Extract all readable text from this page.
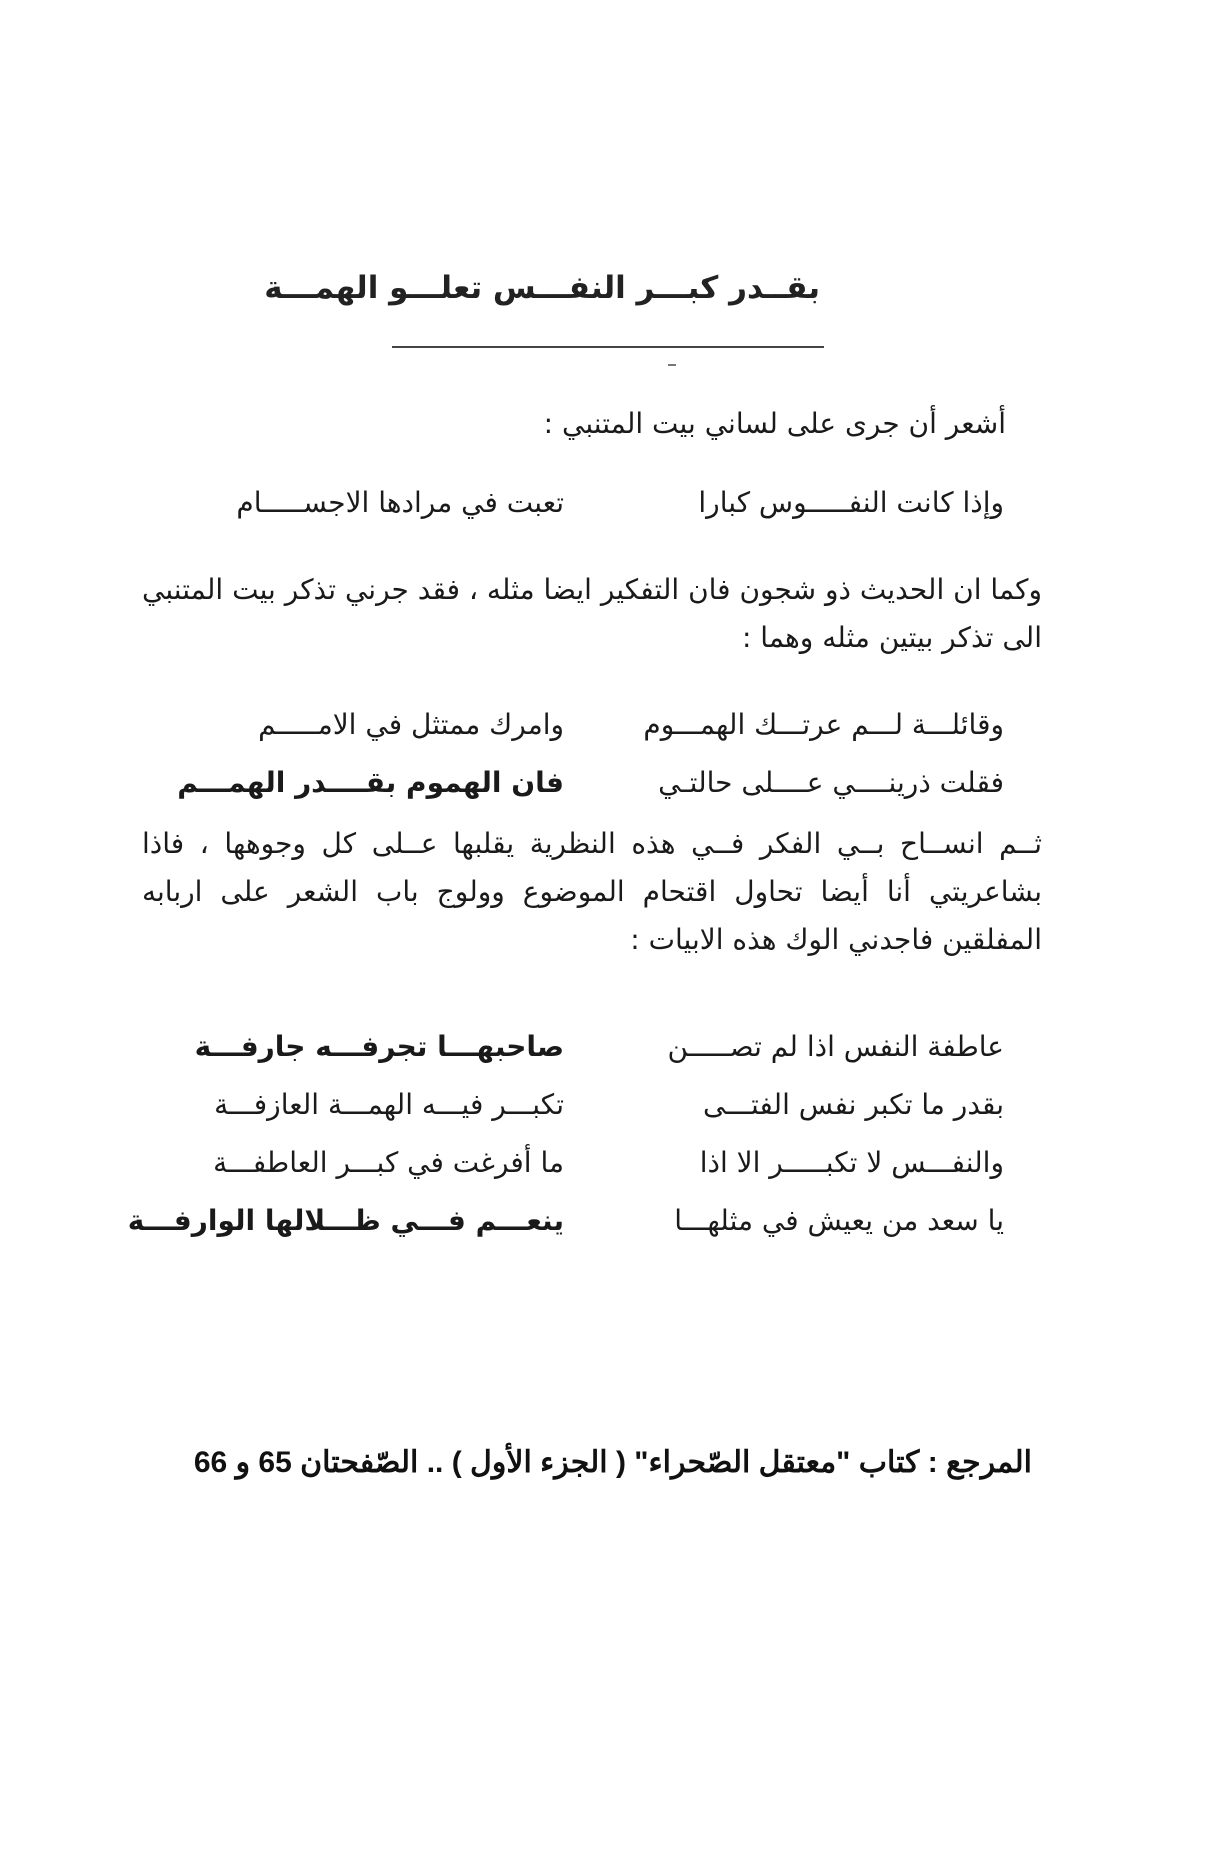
بقــدر كبـــر النفـــس تعلـــو الهمـــة

أشعر أن جرى على لساني بيت المتنبي :

وإذا كانت النفـــــوس كبارا
تعبت في مرادها الاجســـــام

وكما ان الحديث ذو شجون فان التفكير ايضا مثله ، فقد جرني تذكر بيت المتنبي الى تذكر بيتين مثله وهما :

وقائلـــة لـــم عرتـــك الهمـــوم
وامرك ممتثل في الامـــــم
فقلت ذرينــــي عــــلى حالتـي
فان الهموم بقــــدر الهمـــم

ثــم انســاح بــي الفكر فــي هذه النظرية يقلبها عــلى كل وجوهها ، فاذا بشاعريتي أنا أيضا تحاول اقتحام الموضوع وولوج باب الشعر على اربابه المفلقين فاجدني الوك هذه الابيات :

عاطفة النفس اذا لم تصـــــن
صاحبهـــا تجرفـــه جارفـــة
بقدر ما تكبر نفس الفتـــى
تكبـــر فيـــه الهمـــة العازفـــة
والنفـــس لا تكبـــــر الا اذا
ما أفرغت في كبـــر العاطفـــة
يا سعد من يعيش في مثلهـــا
ينعـــم فـــي ظـــلالها الوارفـــة

المرجع : كتاب "معتقل الصّحراء" ( الجزء الأول ) .. الصّفحتان 65 و 66
